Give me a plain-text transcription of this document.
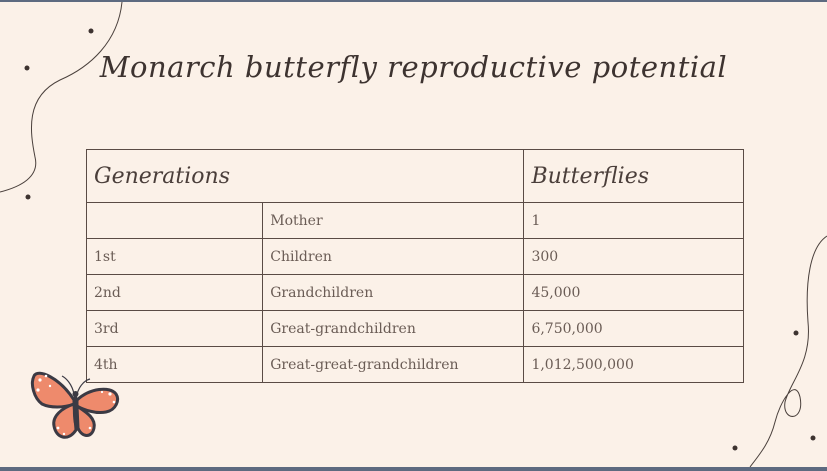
Monarch butterfly reproductive potential
Generations		Butterflies
	Mother	1
1st	Children	300
2nd	Grandchildren	45,000
3rd	Great-grandchildren	6,750,000
4th	Great-great-grandchildren	1,012,500,000
